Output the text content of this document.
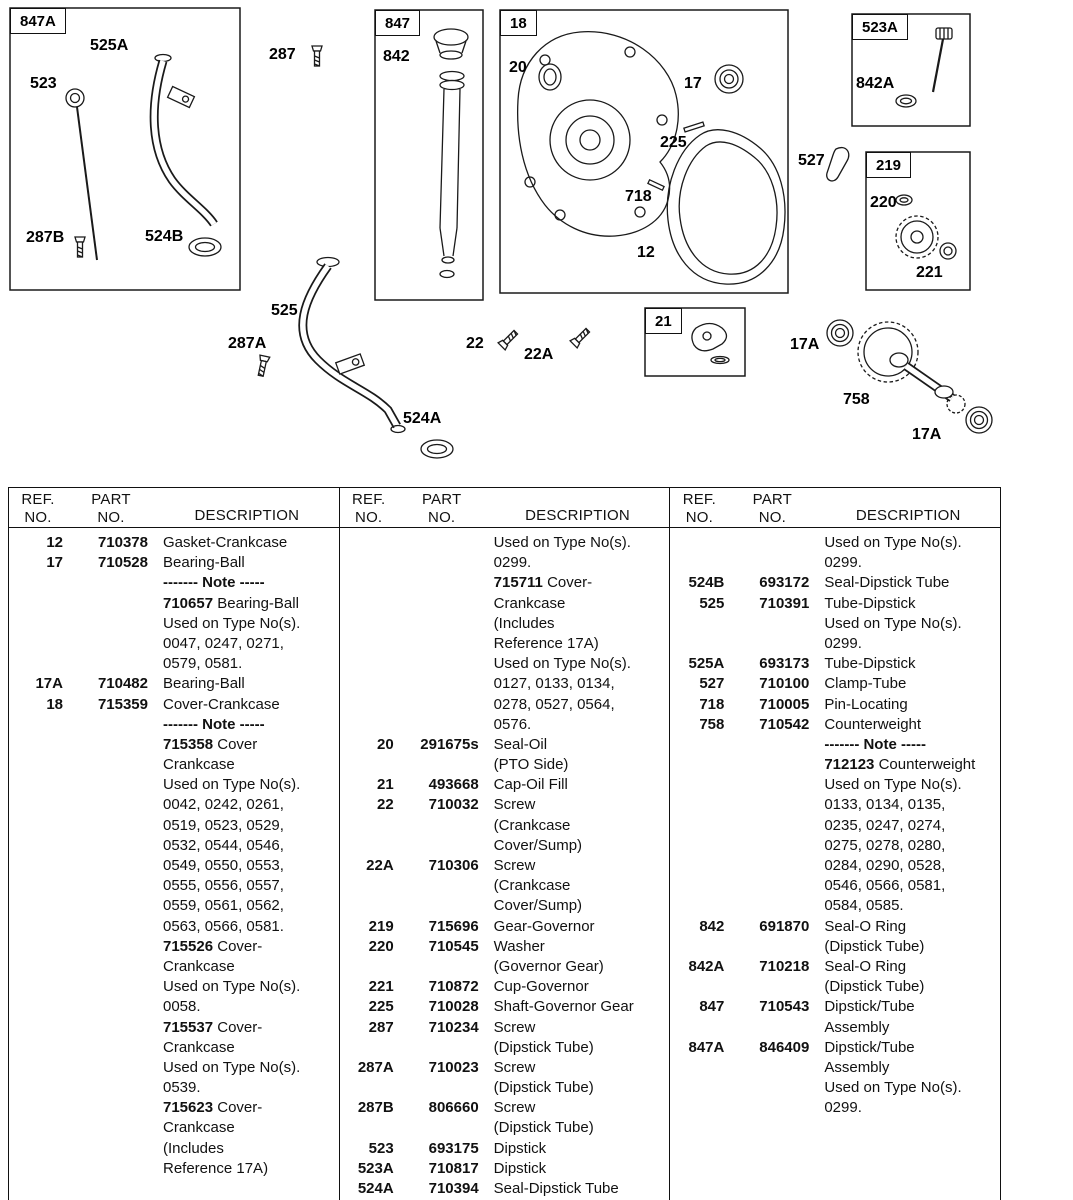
847A
523
525A
287B	524B
287
847
842
18
20
17
225
718
12
523A
842A
527	219
220
221
525
287A
524A
22
22A
21
17A
758
17A
REF.
NO.
PART
NO.	DESCRIPTION
12	710378	Gasket-Crankcase
17	710528	Bearing-Ball
------- Note -----
710657 Bearing-Ball
Used on Type No(s).
0047, 0247, 0271,
0579, 0581.
17A	710482	Bearing-Ball
18	715359	Cover-Crankcase
------- Note -----
715358 Cover
Crankcase
Used on Type No(s).
0042, 0242, 0261,
0519, 0523, 0529,
0532, 0544, 0546,
0549, 0550, 0553,
0555, 0556, 0557,
0559, 0561, 0562,
0563, 0566, 0581.
715526 Cover-
Crankcase
Used on Type No(s).
0058.
715537 Cover-
Crankcase
Used on Type No(s).
0539.
715623 Cover-
Crankcase
(Includes
Reference 17A)
REF.
NO.
PART
NO.	DESCRIPTION
Used on Type No(s).
0299.
715711 Cover-
Crankcase
(Includes
Reference 17A)
Used on Type No(s).
0127, 0133, 0134,
0278, 0527, 0564,
0576.
20	291675s	Seal-Oil
(PTO Side)
21	493668	Cap-Oil Fill
22	710032	Screw
(Crankcase
Cover/Sump)
22A	710306	Screw
(Crankcase
Cover/Sump)
219	715696	Gear-Governor
220	710545	Washer
(Governor Gear)
221	710872	Cup-Governor
225	710028	Shaft-Governor Gear
287	710234	Screw
(Dipstick Tube)
287A	710023	Screw
(Dipstick Tube)
287B	806660	Screw
(Dipstick Tube)
523	693175	Dipstick
523A	710817	Dipstick
524A	710394	Seal-Dipstick Tube
REF.
NO.
PART
NO.	DESCRIPTION
Used on Type No(s).
0299.
524B	693172	Seal-Dipstick Tube
525	710391	Tube-Dipstick
Used on Type No(s).
0299.
525A	693173	Tube-Dipstick
527	710100	Clamp-Tube
718	710005	Pin-Locating
758	710542	Counterweight
------- Note -----
712123 Counterweight
Used on Type No(s).
0133, 0134, 0135,
0235, 0247, 0274,
0275, 0278, 0280,
0284, 0290, 0528,
0546, 0566, 0581,
0584, 0585.
842	691870	Seal-O Ring
(Dipstick Tube)
842A	710218	Seal-O Ring
(Dipstick Tube)
847	710543	Dipstick/Tube
Assembly
847A	846409	Dipstick/Tube
Assembly
Used on Type No(s).
0299.
